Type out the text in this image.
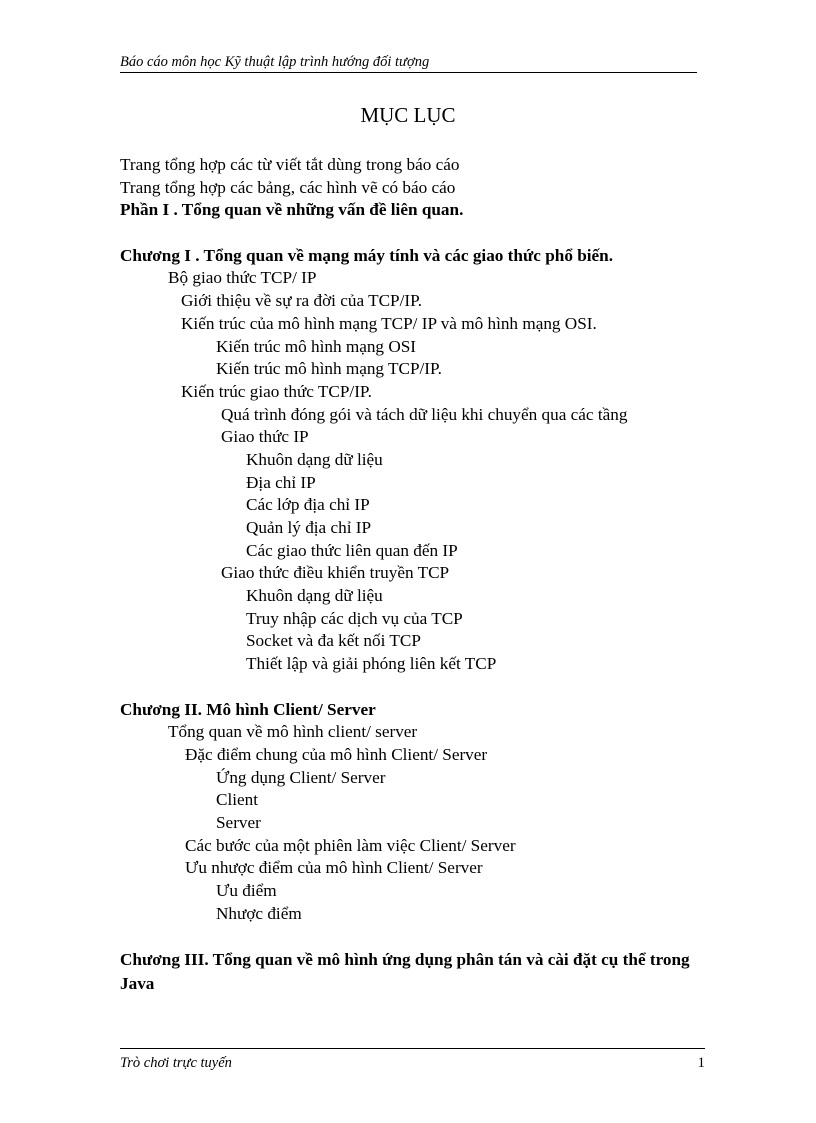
Báo cáo môn học Kỹ thuật lập trình hướng đối tượng
MỤC LỤC
Trang tổng hợp các từ viết tắt dùng trong báo cáo
Trang tổng hợp các bảng, các hình vẽ có báo cáo
Phần I . Tổng quan về những vấn đề liên quan.
Chương I . Tổng quan về mạng máy tính và các giao thức phổ biến.
Bộ giao thức TCP/ IP
Giới thiệu về sự ra đời của TCP/IP.
Kiến trúc của mô hình mạng TCP/ IP và mô hình mạng OSI.
Kiến trúc mô hình mạng OSI
Kiến trúc mô hình mạng TCP/IP.
Kiến trúc giao thức TCP/IP.
Quá trình đóng gói và tách dữ liệu khi chuyển qua các tầng
Giao thức IP
Khuôn dạng dữ liệu
Địa chỉ IP
Các lớp địa chỉ IP
Quản lý địa chỉ IP
Các giao thức liên quan đến IP
Giao thức điều khiển truyền TCP
Khuôn dạng dữ liệu
Truy nhập các dịch vụ của TCP
Socket và đa kết nối TCP
Thiết lập và giải phóng liên kết TCP
Chương II. Mô hình Client/ Server
Tổng quan về mô hình client/ server
Đặc điểm chung của mô hình Client/ Server
Ứng dụng Client/ Server
Client
Server
Các bước của một phiên làm việc Client/ Server
Ưu nhược điểm của mô hình Client/ Server
Ưu điểm
Nhược điểm
Chương III. Tổng quan về mô hình ứng dụng phân tán và cài đặt cụ thể trong Java
Trò chơi trực tuyến	1
